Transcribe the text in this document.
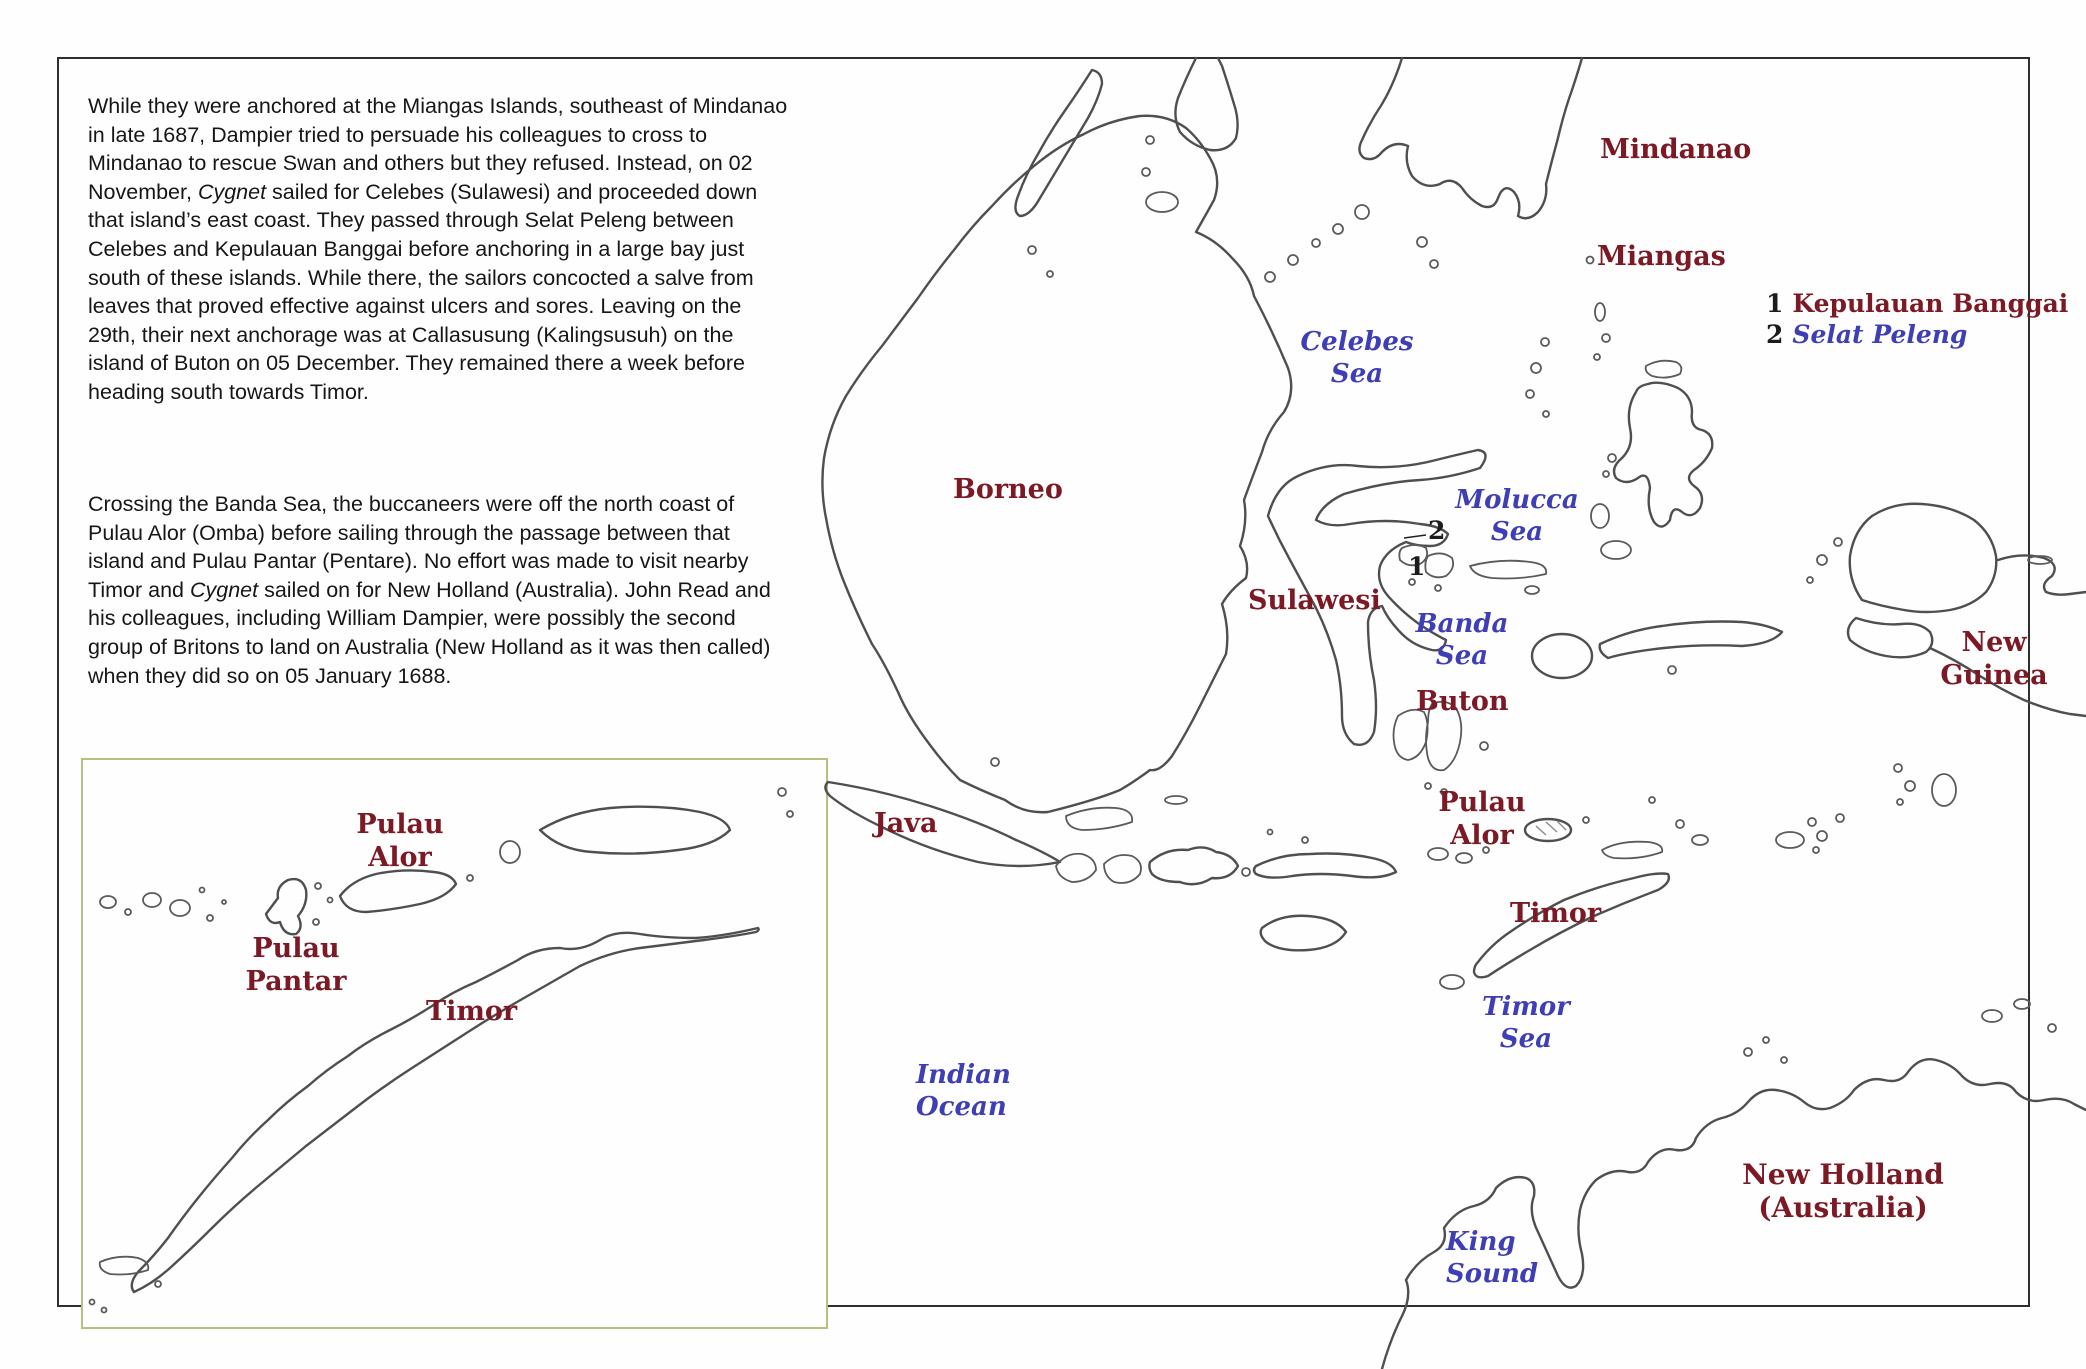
While they were anchored at the Miangas Islands, southeast of Mindanao in late 1687, Dampier tried to persuade his colleagues to cross to Mindanao to rescue Swan and others but they refused. Instead, on 02 November, Cygnet sailed for Celebes (Sulawesi) and proceeded down that island’s east coast. They passed through Selat Peleng between Celebes and Kepulauan Banggai before anchoring in a large bay just south of these islands. While there, the sailors concocted a salve from leaves that proved effective against ulcers and sores. Leaving on the 29th, their next anchorage was at Callasusung (Kalingsusuh) on the island of Buton on 05 December. They remained there a week before heading south towards Timor.
Crossing the Banda Sea, the buccaneers were off the north coast of Pulau Alor (Omba) before sailing through the passage between that island and Pulau Pantar (Pentare). No effort was made to visit nearby Timor and Cygnet sailed on for New Holland (Australia). John Read and his colleagues, including William Dampier, were possibly the second group of Britons to land on Australia (New Holland as it was then called) when they did so on 05 January 1688.
Mindanao
Miangas
Borneo
Sulawesi
Buton
New
Guinea
Java
Pulau
Alor
Timor
New Holland
(Australia)
Celebes
Sea
Molucca
Sea
Banda
Sea
Timor
Sea
Indian
Ocean
King
Sound
1 Kepulauan Banggai
2 Selat Peleng
2
1
Pulau
Alor
Pulau
Pantar
Timor
